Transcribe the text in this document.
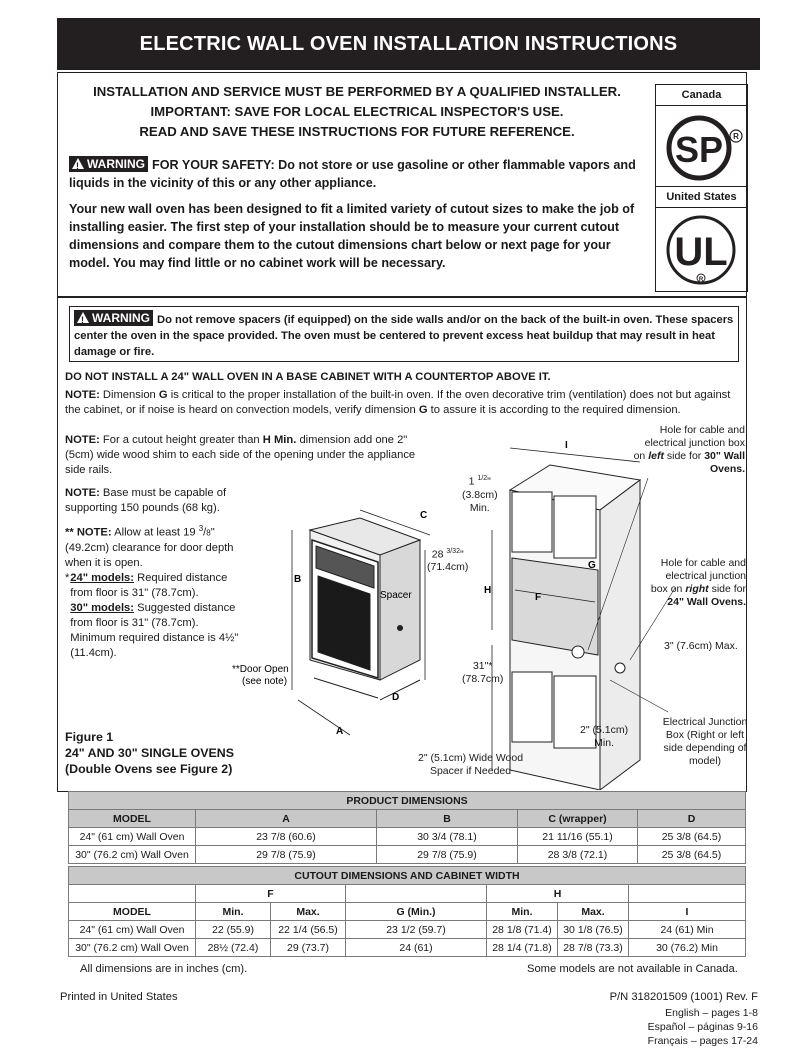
ELECTRIC WALL OVEN INSTALLATION INSTRUCTIONS
INSTALLATION AND SERVICE MUST BE PERFORMED BY A QUALIFIED INSTALLER.
IMPORTANT: SAVE FOR LOCAL ELECTRICAL INSPECTOR'S USE.
READ AND SAVE THESE INSTRUCTIONS FOR FUTURE REFERENCE.
!WARNING FOR YOUR SAFETY: Do not store or use gasoline or other flammable vapors and liquids in the vicinity of this or any other appliance.
Your new wall oven has been designed to fit a limited variety of cutout sizes to make the job of installing easier. The first step of your installation should be to measure your current cutout dimensions and compare them to the cutout dimensions chart below or next page for your model. You may find little or no cabinet work will be necessary.
Canada
SP R
United States
UL
R
!WARNING Do not remove spacers (if equipped) on the side walls and/or on the back of the built-in oven. These spacers center the oven in the space provided. The oven must be centered to prevent excess heat buildup that may result in heat damage or fire.
DO NOT INSTALL A 24" WALL OVEN IN A BASE CABINET WITH A COUNTERTOP ABOVE IT.
NOTE: Dimension G is critical to the proper installation of the built-in oven. If the oven decorative trim (ventilation) does not but against the cabinet, or if noise is heard on convection models, verify dimension G to assure it is according to the required dimension.
NOTE: For a cutout height greater than H Min. dimension add one 2" (5cm) wide wood shim to each side of the opening under the appliance side rails.
NOTE: Base must be capable of supporting 150 pounds (68 kg).
** NOTE: Allow at least 19 $^3$/8" (49.2cm) clearance for door depth when it is open.
* 24" models: Required distance from floor is 31" (78.7cm).
30" models: Suggested distance from floor is 31" (78.7cm). Minimum required distance is 4½" (11.4cm).
Figure 1
24" AND 30" SINGLE OVENS
(Double Ovens see Figure 2)
B
A
C
D
Spacer
**Door Open
(see note)
28 $^{3/32}$"
(71.4cm)
I
H
F
G
1 $^{1/2}$"
(3.8cm)
Min.
31"*
(78.7cm)
2" (5.1cm)
Min.
2" (5.1cm) Wide Wood
Spacer if Needed
Hole for cable and
electrical junction box
on left side for 30" Wall
Ovens.
Hole for cable and
electrical junction
box on right side for
24" Wall Ovens.
3" (7.6cm) Max.
Electrical Junction
Box (Right or left
side depending of
model)
PRODUCT DIMENSIONS				
MODEL	A	B	C (wrapper)	D
24" (61 cm) Wall Oven	23 7/8 (60.6)	30 3/4 (78.1)	21 11/16 (55.1)	25 3/8 (64.5)
30" (76.2 cm) Wall Oven	29 7/8 (75.9)	29 7/8 (75.9)	28 3/8 (72.1)	25 3/8 (64.5)
CUTOUT DIMENSIONS AND CABINET WIDTH						
	F			H		
MODEL	Min.	Max.	G (Min.)	Min.	Max.	I
24" (61 cm) Wall Oven	22 (55.9)	22 1/4 (56.5)	23 1/2 (59.7)	28 1/8 (71.4)	30 1/8 (76.5)	24 (61) Min
30" (76.2 cm) Wall Oven	28½ (72.4)	29 (73.7)	24 (61)	28 1/4 (71.8)	28 7/8 (73.3)	30 (76.2) Min
All dimensions are in inches (cm).	Some models are not available in Canada.
Printed in United States	P/N 318201509 (1001) Rev. F
English – pages 1-8
Español – páginas 9-16
Français – pages 17-24
